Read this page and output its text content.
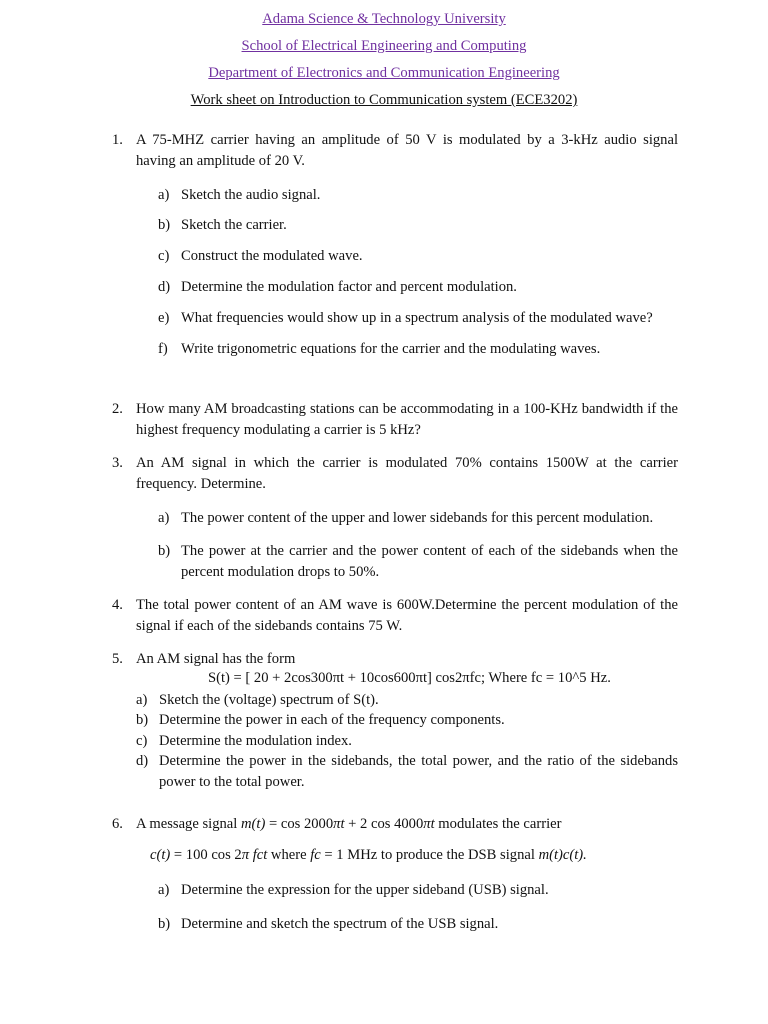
Adama Science & Technology University
School of Electrical Engineering and Computing
Department of Electronics and Communication Engineering
Work sheet on Introduction to Communication system (ECE3202)
1. A 75-MHZ carrier having an amplitude of 50 V is modulated by a 3-kHz audio signal having an amplitude of 20 V.
a) Sketch the audio signal.
b) Sketch the carrier.
c) Construct the modulated wave.
d) Determine the modulation factor and percent modulation.
e) What frequencies would show up in a spectrum analysis of the modulated wave?
f) Write trigonometric equations for the carrier and the modulating waves.
2. How many AM broadcasting stations can be accommodating in a 100-KHz bandwidth if the highest frequency modulating a carrier is 5 kHz?
3. An AM signal in which the carrier is modulated 70% contains 1500W at the carrier frequency. Determine.
a) The power content of the upper and lower sidebands for this percent modulation.
b) The power at the carrier and the power content of each of the sidebands when the percent modulation drops to 50%.
4. The total power content of an AM wave is 600W.Determine the percent modulation of the signal if each of the sidebands contains 75 W.
5. An AM signal has the form
S(t) = [ 20 + 2cos300πt + 10cos600πt] cos2πfc; Where fc = 10^5 Hz.
a) Sketch the (voltage) spectrum of S(t).
b) Determine the power in each of the frequency components.
c) Determine the modulation index.
d) Determine the power in the sidebands, the total power, and the ratio of the sidebands power to the total power.
6. A message signal m(t) = cos 2000πt + 2 cos 4000πt modulates the carrier
c(t) = 100 cos 2π fct where fc = 1 MHz to produce the DSB signal m(t)c(t).
a) Determine the expression for the upper sideband (USB) signal.
b) Determine and sketch the spectrum of the USB signal.
